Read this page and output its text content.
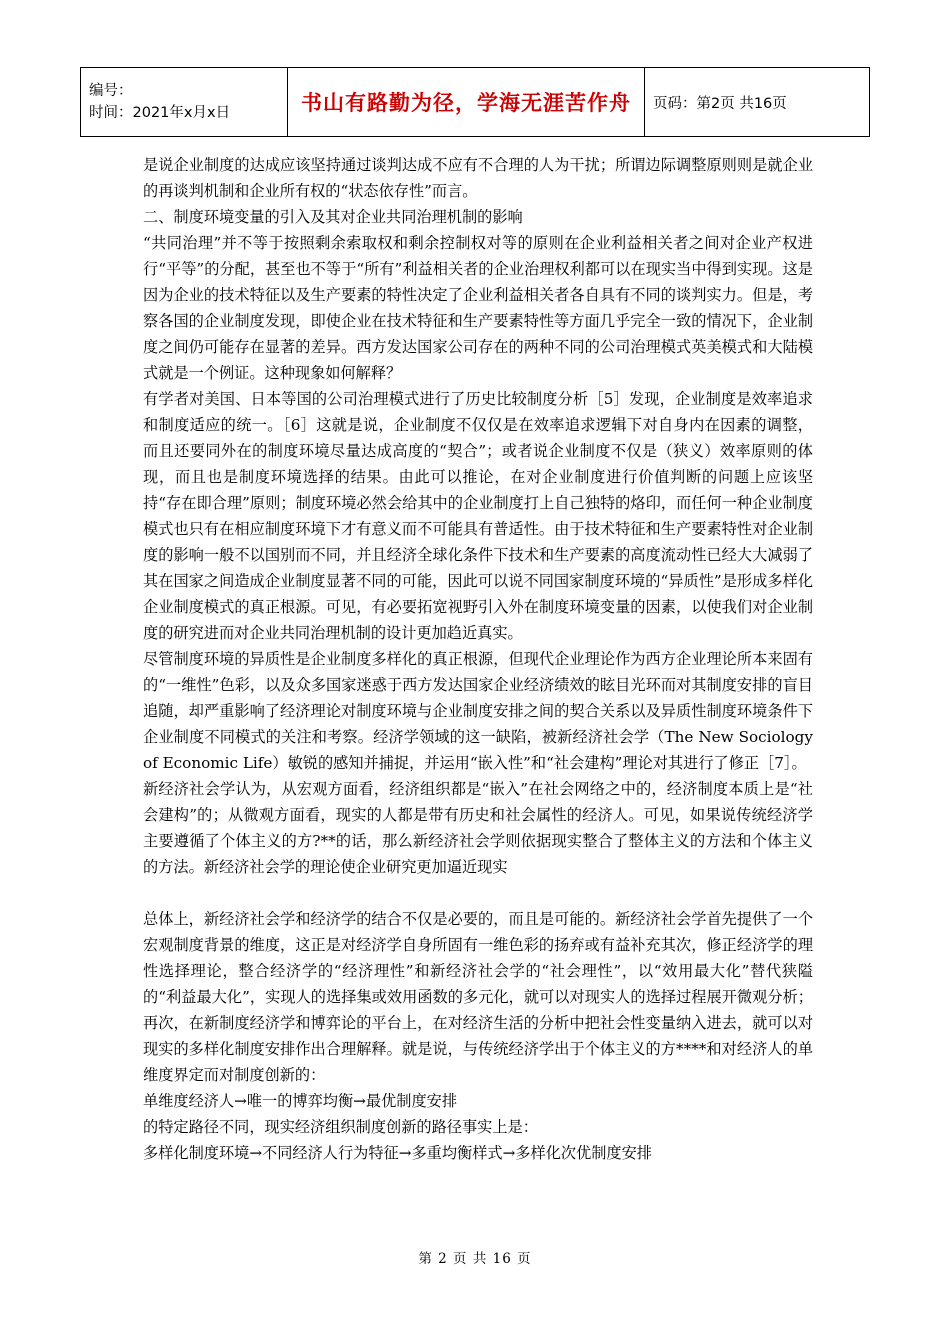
编号：
时间：2021年x月x日	书山有路勤为径，学海无涯苦作舟	页码：第2页 共16页

是说企业制度的达成应该坚持通过谈判达成不应有不合理的人为干扰；所谓边际调整原则则是就企业的再谈判机制和企业所有权的“状态依存性”而言。

二、制度环境变量的引入及其对企业共同治理机制的影响

“共同治理”并不等于按照剩余索取权和剩余控制权对等的原则在企业利益相关者之间对企业产权进行“平等”的分配，甚至也不等于“所有”利益相关者的企业治理权利都可以在现实当中得到实现。这是因为企业的技术特征以及生产要素的特性决定了企业利益相关者各自具有不同的谈判实力。但是，考察各国的企业制度发现，即使企业在技术特征和生产要素特性等方面几乎完全一致的情况下，企业制度之间仍可能存在显著的差异。西方发达国家公司存在的两种不同的公司治理模式英美模式和大陆模式就是一个例证。这种现象如何解释？

有学者对美国、日本等国的公司治理模式进行了历史比较制度分析［5］发现，企业制度是效率追求和制度适应的统一。［6］这就是说，企业制度不仅仅是在效率追求逻辑下对自身内在因素的调整，而且还要同外在的制度环境尽量达成高度的“契合”；或者说企业制度不仅是（狭义）效率原则的体现，而且也是制度环境选择的结果。由此可以推论，在对企业制度进行价值判断的问题上应该坚持“存在即合理”原则；制度环境必然会给其中的企业制度打上自己独特的烙印，而任何一种企业制度模式也只有在相应制度环境下才有意义而不可能具有普适性。由于技术特征和生产要素特性对企业制度的影响一般不以国别而不同，并且经济全球化条件下技术和生产要素的高度流动性已经大大减弱了其在国家之间造成企业制度显著不同的可能，因此可以说不同国家制度环境的“异质性”是形成多样化企业制度模式的真正根源。可见，有必要拓宽视野引入外在制度环境变量的因素，以使我们对企业制度的研究进而对企业共同治理机制的设计更加趋近真实。

尽管制度环境的异质性是企业制度多样化的真正根源，但现代企业理论作为西方企业理论所本来固有的“一维性”色彩，以及众多国家迷惑于西方发达国家企业经济绩效的眩目光环而对其制度安排的盲目追随，却严重影响了经济理论对制度环境与企业制度安排之间的契合关系以及异质性制度环境条件下企业制度不同模式的关注和考察。经济学领域的这一缺陷，被新经济社会学（The New Sociology of Economic Life）敏锐的感知并捕捉，并运用“嵌入性”和“社会建构”理论对其进行了修正［7］。

新经济社会学认为，从宏观方面看，经济组织都是“嵌入”在社会网络之中的，经济制度本质上是“社会建构”的；从微观方面看，现实的人都是带有历史和社会属性的经济人。可见，如果说传统经济学主要遵循了个体主义的方?**的话，那么新经济社会学则依据现实整合了整体主义的方法和个体主义的方法。新经济社会学的理论使企业研究更加逼近现实

总体上，新经济社会学和经济学的结合不仅是必要的，而且是可能的。新经济社会学首先提供了一个宏观制度背景的维度，这正是对经济学自身所固有一维色彩的扬弃或有益补充其次，修正经济学的理性选择理论，整合经济学的“经济理性”和新经济社会学的“社会理性”，以“效用最大化”替代狭隘的“利益最大化”，实现人的选择集或效用函数的多元化，就可以对现实人的选择过程展开微观分析；再次，在新制度经济学和博弈论的平台上，在对经济生活的分析中把社会性变量纳入进去，就可以对现实的多样化制度安排作出合理解释。就是说，与传统经济学出于个体主义的方****和对经济人的单维度界定而对制度创新的：

单维度经济人→唯一的博弈均衡→最优制度安排

的特定路径不同，现实经济组织制度创新的路径事实上是：

多样化制度环境→不同经济人行为特征→多重均衡样式→多样化次优制度安排

第 2 页 共 16 页
